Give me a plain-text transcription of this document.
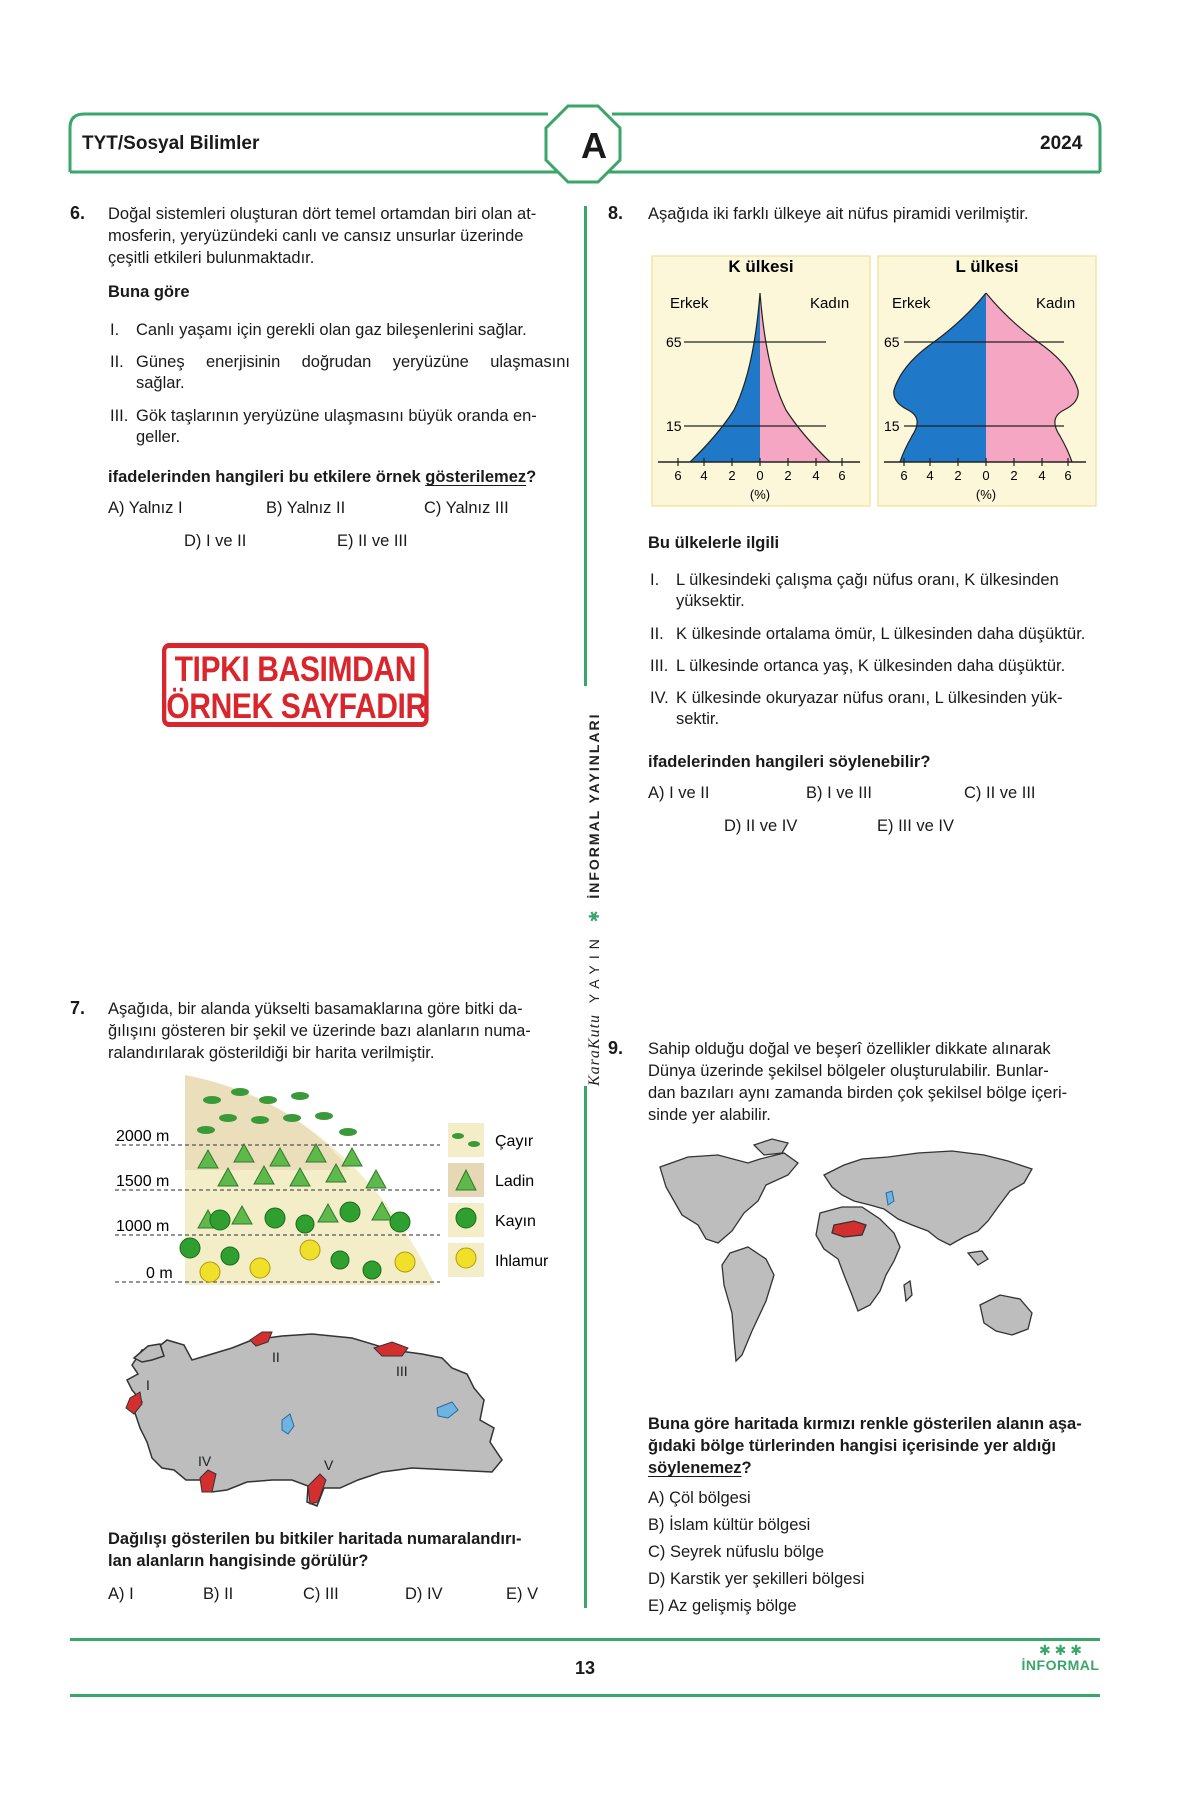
TYT/Sosyal Bilimler	A	2024
KaraKutu YAYIN ✱ İNFORMAL YAYINLARI
6. Doğal sistemleri oluşturan dört temel ortamdan biri olan at-
mosferin, yeryüzündeki canlı ve cansız unsurlar üzerinde
çeşitli etkileri bulunmaktadır.
Buna göre
I. Canlı yaşamı için gerekli olan gaz bileşenlerini sağlar.
II. Güneş enerjisinin doğrudan yeryüzüne ulaşmasını
sağlar.
III. Gök taşlarının yeryüzüne ulaşmasını büyük oranda en-
geller.
ifadelerinden hangileri bu etkilere örnek gösterilemez?
A) Yalnız I	B) Yalnız II	C) Yalnız III
D) I ve II	E) II ve III
TIPKI BASIMDAN
ÖRNEK SAYFADIR
7. Aşağıda, bir alanda yükselti basamaklarına göre bitki da-
ğılışını gösteren bir şekil ve üzerinde bazı alanların numa-
ralandırılarak gösterildiği bir harita verilmiştir.
2000 m
1500 m
1000 m
0 m
Çayır
Ladin
Kayın
Ihlamur
I
II
III
IV	V
Dağılışı gösterilen bu bitkiler haritada numaralandırı-
lan alanların hangisinde görülür?
A) I	B) II	C) III	D) IV	E) V
8. Aşağıda iki farklı ülkeye ait nüfus piramidi verilmiştir.
K ülkesi
Erkek	Kadın
65
15
6 4 2 0 2 4 6
(%)
L ülkesi
Erkek	Kadın
65
15
6 4 2 0 2 4 6
(%)
Bu ülkelerle ilgili
I. L ülkesindeki çalışma çağı nüfus oranı, K ülkesinden
yüksektir.
II. K ülkesinde ortalama ömür, L ülkesinden daha düşüktür.
III. L ülkesinde ortanca yaş, K ülkesinden daha düşüktür.
IV. K ülkesinde okuryazar nüfus oranı, L ülkesinden yük-
sektir.
ifadelerinden hangileri söylenebilir?
A) I ve II	B) I ve III	C) II ve III
D) II ve IV	E) III ve IV
9. Sahip olduğu doğal ve beşerî özellikler dikkate alınarak
Dünya üzerinde şekilsel bölgeler oluşturulabilir. Bunlar-
dan bazıları aynı zamanda birden çok şekilsel bölge içeri-
sinde yer alabilir.
Buna göre haritada kırmızı renkle gösterilen alanın aşa-
ğıdaki bölge türlerinden hangisi içerisinde yer aldığı
söylenemez?
A) Çöl bölgesi
B) İslam kültür bölgesi
C) Seyrek nüfuslu bölge
D) Karstik yer şekilleri bölgesi
E) Az gelişmiş bölge
13
✱ ✱ ✱
İNFORMAL
